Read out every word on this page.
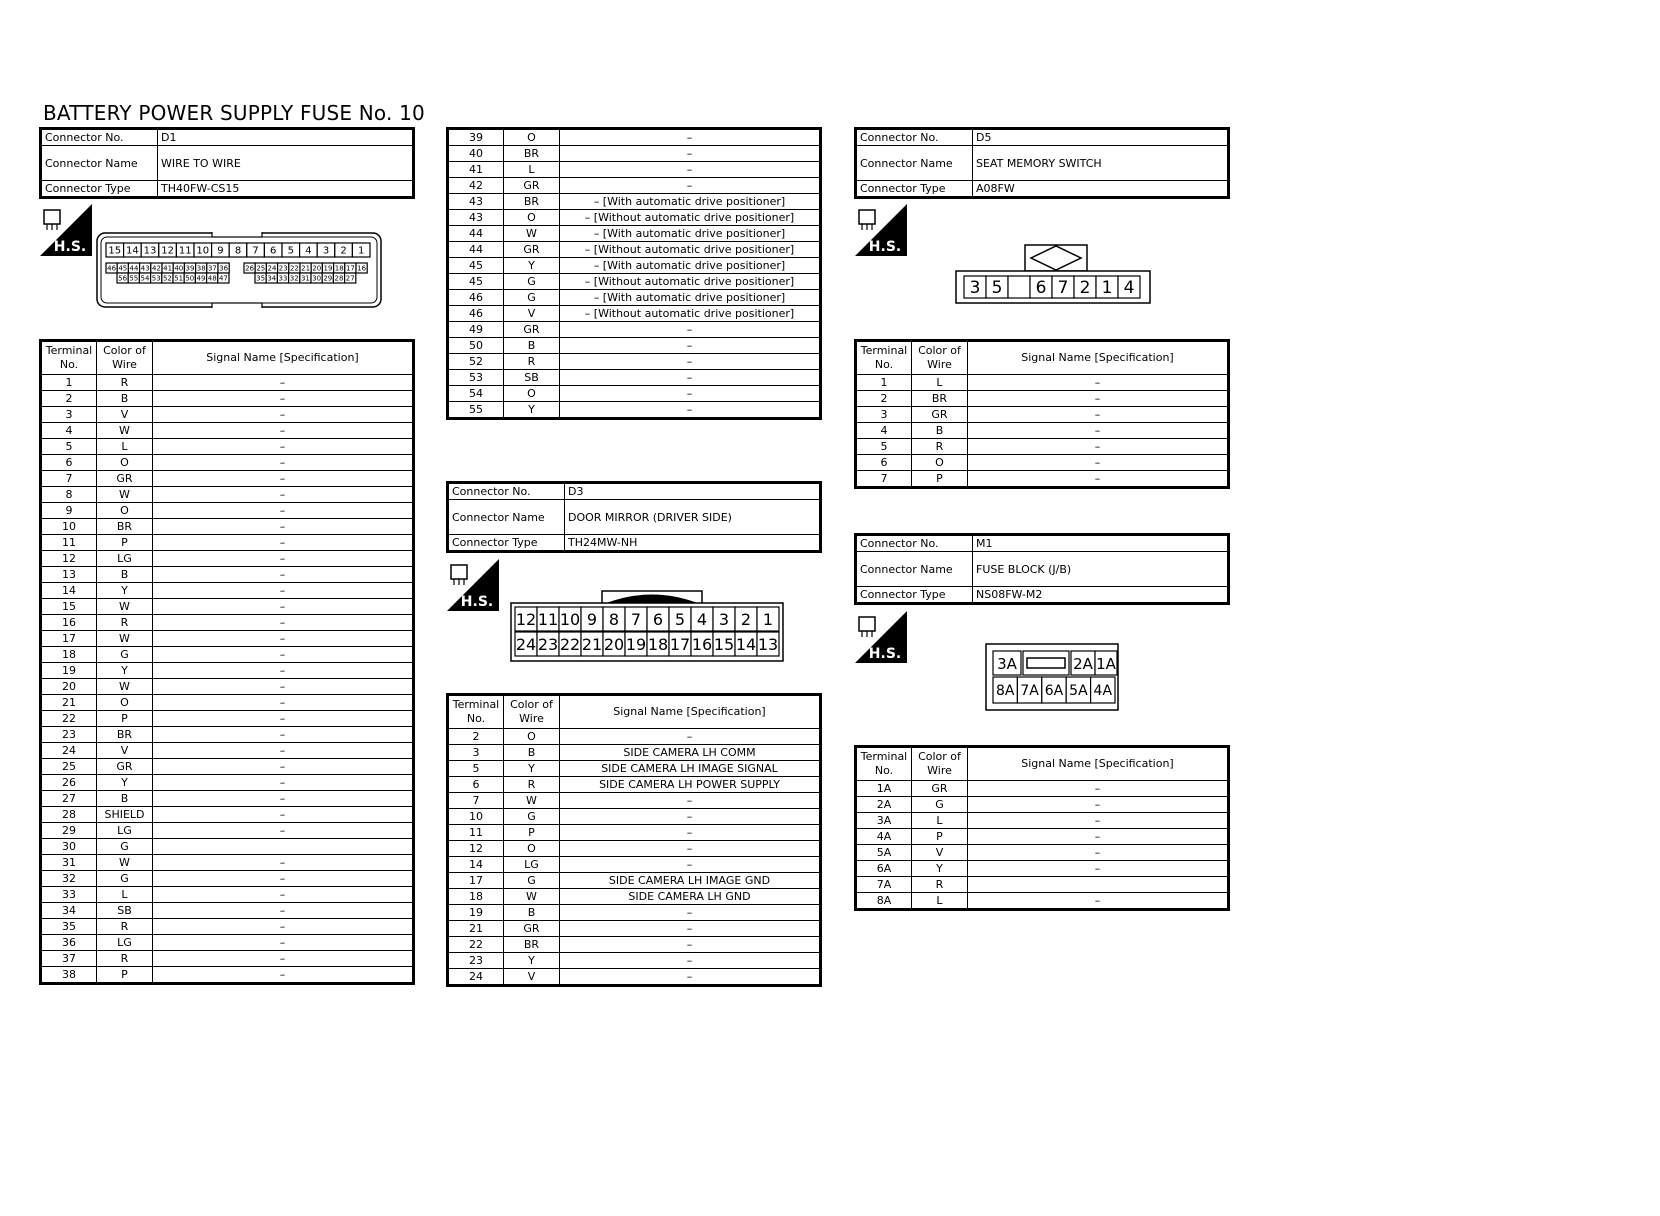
BATTERY POWER SUPPLY FUSE No. 10
Connector No.	D1
Connector Name	WIRE TO WIRE
Connector Type	TH40FW-CS15
H.S. 15 14 13 12 11 10 9 8 7 6 5 4 3 2 1
46 45 44 43 42 41 40 39 38 37 36 26 25 24 23 22 21 20 19 18 17 16
56 55 54 53 52 51 50 49 48 47	35 34 33 32 31 30 29 28 27
Terminal No.	Color of Wire	Signal Name [Specification]
1	R	–
2	B	–
3	V	–
4	W	–
5	L	–
6	O	–
7	GR	–
8	W	–
9	O	–
10	BR	–
11	P	–
12	LG	–
13	B	–
14	Y	–
15	W	–
16	R	–
17	W	–
18	G	–
19	Y	–
20	W	–
21	O	–
22	P	–
23	BR	–
24	V	–
25	GR	–
26	Y	–
27	B	–
28	SHIELD	–
29	LG	–
30	G	
31	W	–
32	G	–
33	L	–
34	SB	–
35	R	–
36	LG	–
37	R	–
38	P	–
39	O	–
40	BR	–
41	L	–
42	GR	–
43	BR	– [With automatic drive positioner]
43	O	– [Without automatic drive positioner]
44	W	– [With automatic drive positioner]
44	GR	– [Without automatic drive positioner]
45	Y	– [With automatic drive positioner]
45	G	– [Without automatic drive positioner]
46	G	– [With automatic drive positioner]
46	V	– [Without automatic drive positioner]
49	GR	–
50	B	–
52	R	–
53	SB	–
54	O	–
55	Y	–
Connector No.	D3
Connector Name	DOOR MIRROR (DRIVER SIDE)
Connector Type	TH24MW-NH
H.S.
12 11 10 9 8 7 6 5 4 3 2 1
24 23 22 21 20 19 18 17 16 15 14 13
Terminal No.	Color of Wire	Signal Name [Specification]
2	O	–
3	B	SIDE CAMERA LH COMM
5	Y	SIDE CAMERA LH IMAGE SIGNAL
6	R	SIDE CAMERA LH POWER SUPPLY
7	W	–
10	G	–
11	P	–
12	O	–
14	LG	–
17	G	SIDE CAMERA LH IMAGE GND
18	W	SIDE CAMERA LH GND
19	B	–
21	GR	–
22	BR	–
23	Y	–
24	V	–
Connector No.	D5
Connector Name	SEAT MEMORY SWITCH
Connector Type	A08FW
H.S.
3 5 6 7 2 1 4
Terminal No.	Color of Wire	Signal Name [Specification]
1	L	–
2	BR	–
3	GR	–
4	B	–
5	R	–
6	O	–
7	P	–
Connector No.	M1
Connector Name	FUSE BLOCK (J/B)
Connector Type	NS08FW-M2
H.S.
3A	2A 1A
8A 7A 6A 5A 4A
Terminal No.	Color of Wire	Signal Name [Specification]
1A	GR	–
2A	G	–
3A	L	–
4A	P	–
5A	V	–
6A	Y	–
7A	R	
8A	L	–
